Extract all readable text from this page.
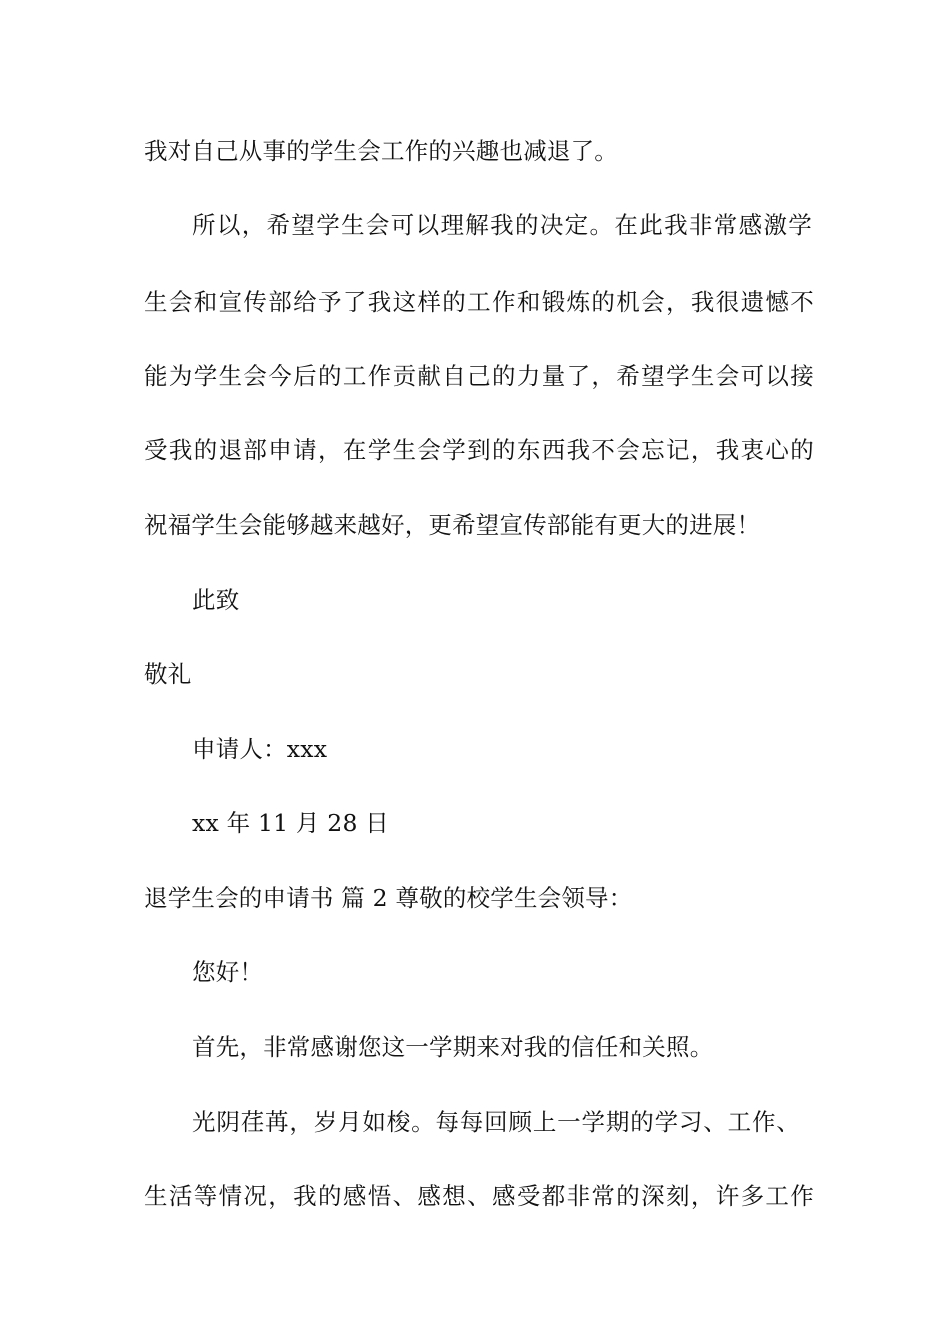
我对自己从事的学生会工作的兴趣也减退了。
所以，希望学生会可以理解我的决定。在此我非常感激学
生会和宣传部给予了我这样的工作和锻炼的机会，我很遗憾不
能为学生会今后的工作贡献自己的力量了，希望学生会可以接
受我的退部申请，在学生会学到的东西我不会忘记，我衷心的
祝福学生会能够越来越好，更希望宣传部能有更大的进展！
此致
敬礼
申请人：xxx
xx 年 11 月 28 日
退学生会的申请书 篇 2 尊敬的校学生会领导：
您好！
首先，非常感谢您这一学期来对我的信任和关照。
光阴荏苒，岁月如梭。每每回顾上一学期的学习、工作、
生活等情况，我的感悟、感想、感受都非常的深刻，许多工作
